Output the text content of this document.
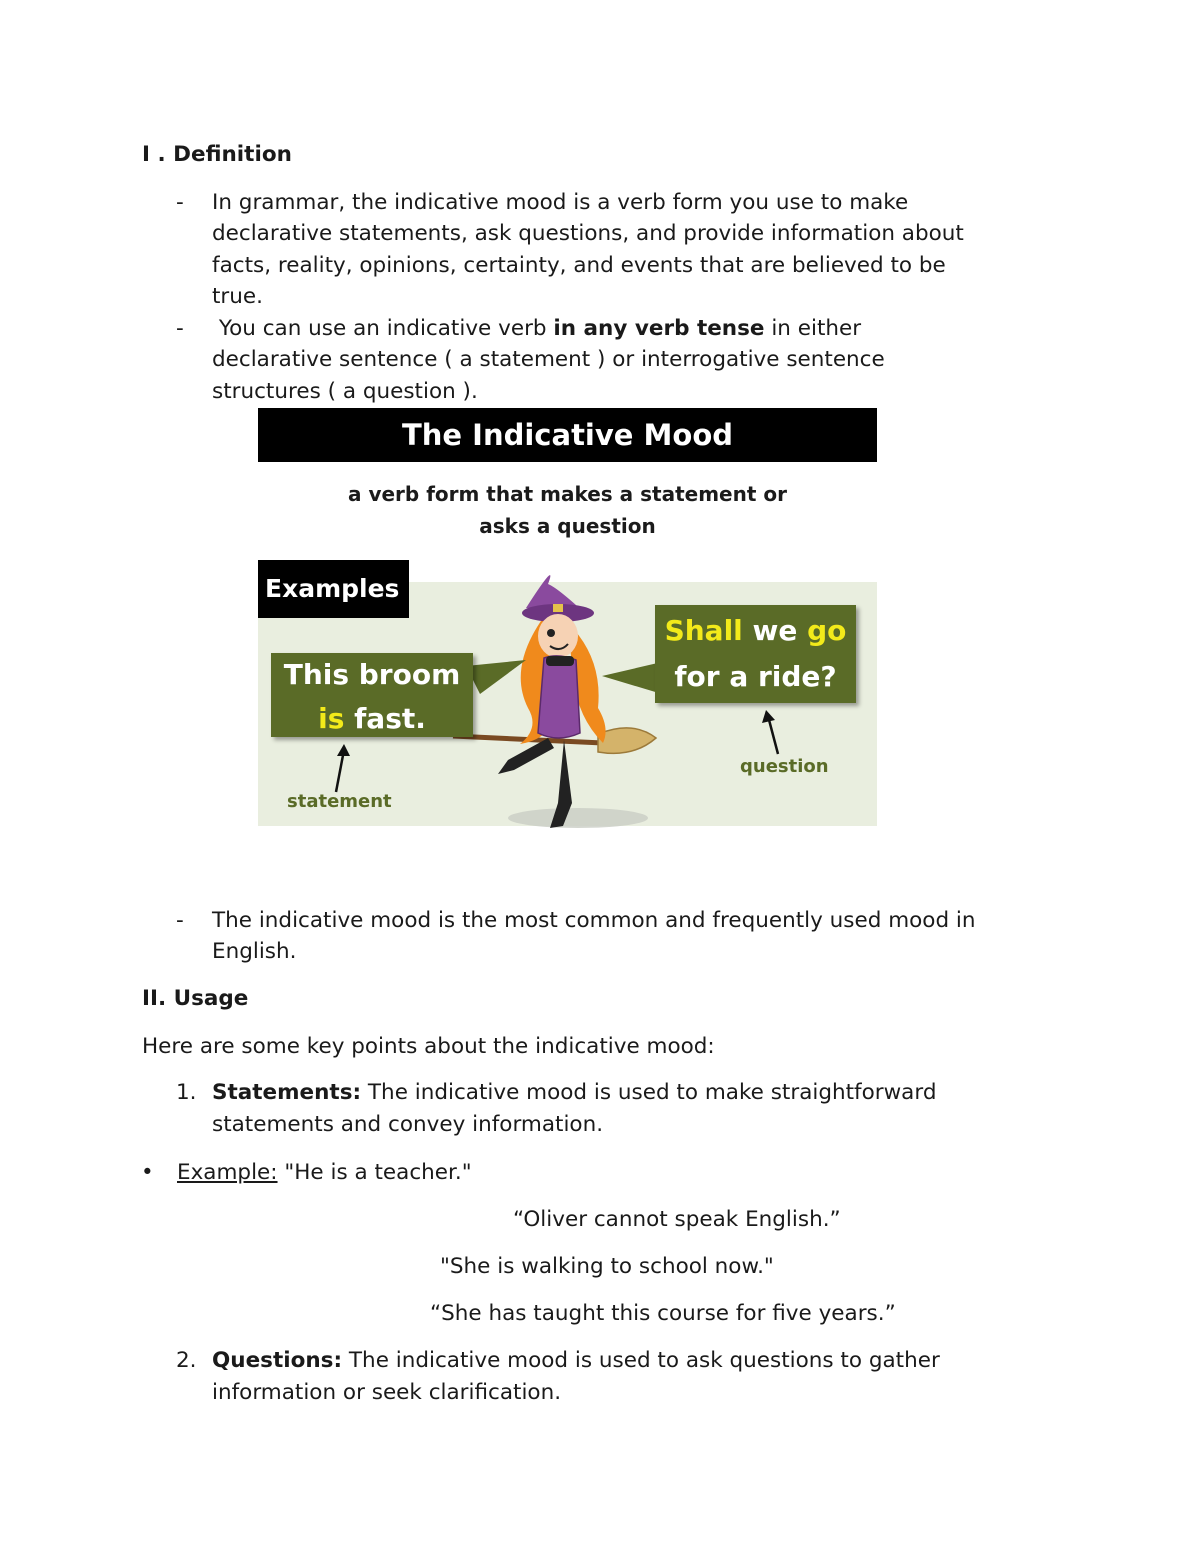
I . Definition
- In grammar, the indicative mood is a verb form you use to make
declarative statements, ask questions, and provide information about
facts, reality, opinions, certainty, and events that are believed to be
true.
- You can use an indicative verb in any verb tense in either
declarative sentence ( a statement ) or interrogative sentence
structures ( a question ).
The Indicative Mood
a verb form that makes a statement or
asks a question
Examples
This broom
is fast.
Shall we go
for a ride?
statement
question
- The indicative mood is the most common and frequently used mood in
English.
II. Usage
Here are some key points about the indicative mood:
1. Statements: The indicative mood is used to make straightforward
statements and convey information.
• Example: "He is a teacher."
“Oliver cannot speak English.”
"She is walking to school now."
“She has taught this course for five years.”
2. Questions: The indicative mood is used to ask questions to gather
information or seek clarification.
